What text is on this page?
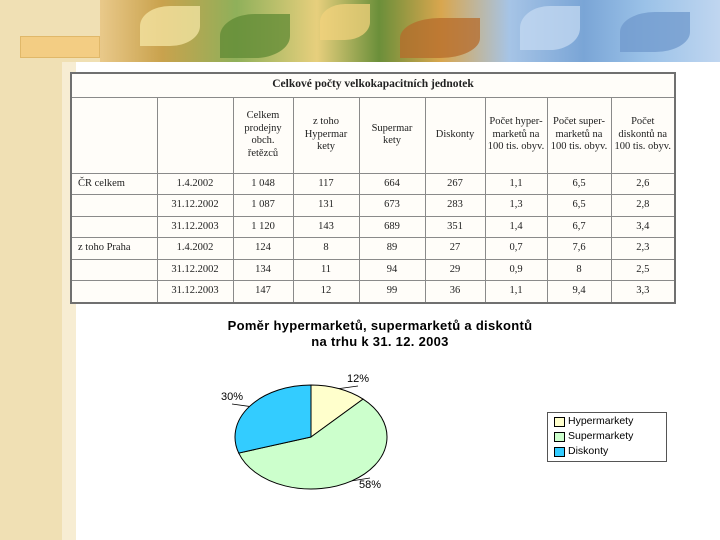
Celkové počty velkokapacitních jednotek								
		Celkem prodejny obch. řetězců	z toho Hypermar kety	Supermar kety	Diskonty	Počet hyper-marketů na 100 tis. obyv.	Počet super-marketů na 100 tis. obyv.	Počet diskontů na 100 tis. obyv.
ČR celkem	1.4.2002	1 048	117	664	267	1,1	6,5	2,6
	31.12.2002	1 087	131	673	283	1,3	6,5	2,8
	31.12.2003	1 120	143	689	351	1,4	6,7	3,4
z toho Praha	1.4.2002	124	8	89	27	0,7	7,6	2,3
	31.12.2002	134	11	94	29	0,9	8	2,5
	31.12.2003	147	12	99	36	1,1	9,4	3,3
Poměr hypermarketů, supermarketů a diskontů
na trhu k 31. 12. 2003
12%
58%
30%
Hypermarkety
Supermarkety
Diskonty
